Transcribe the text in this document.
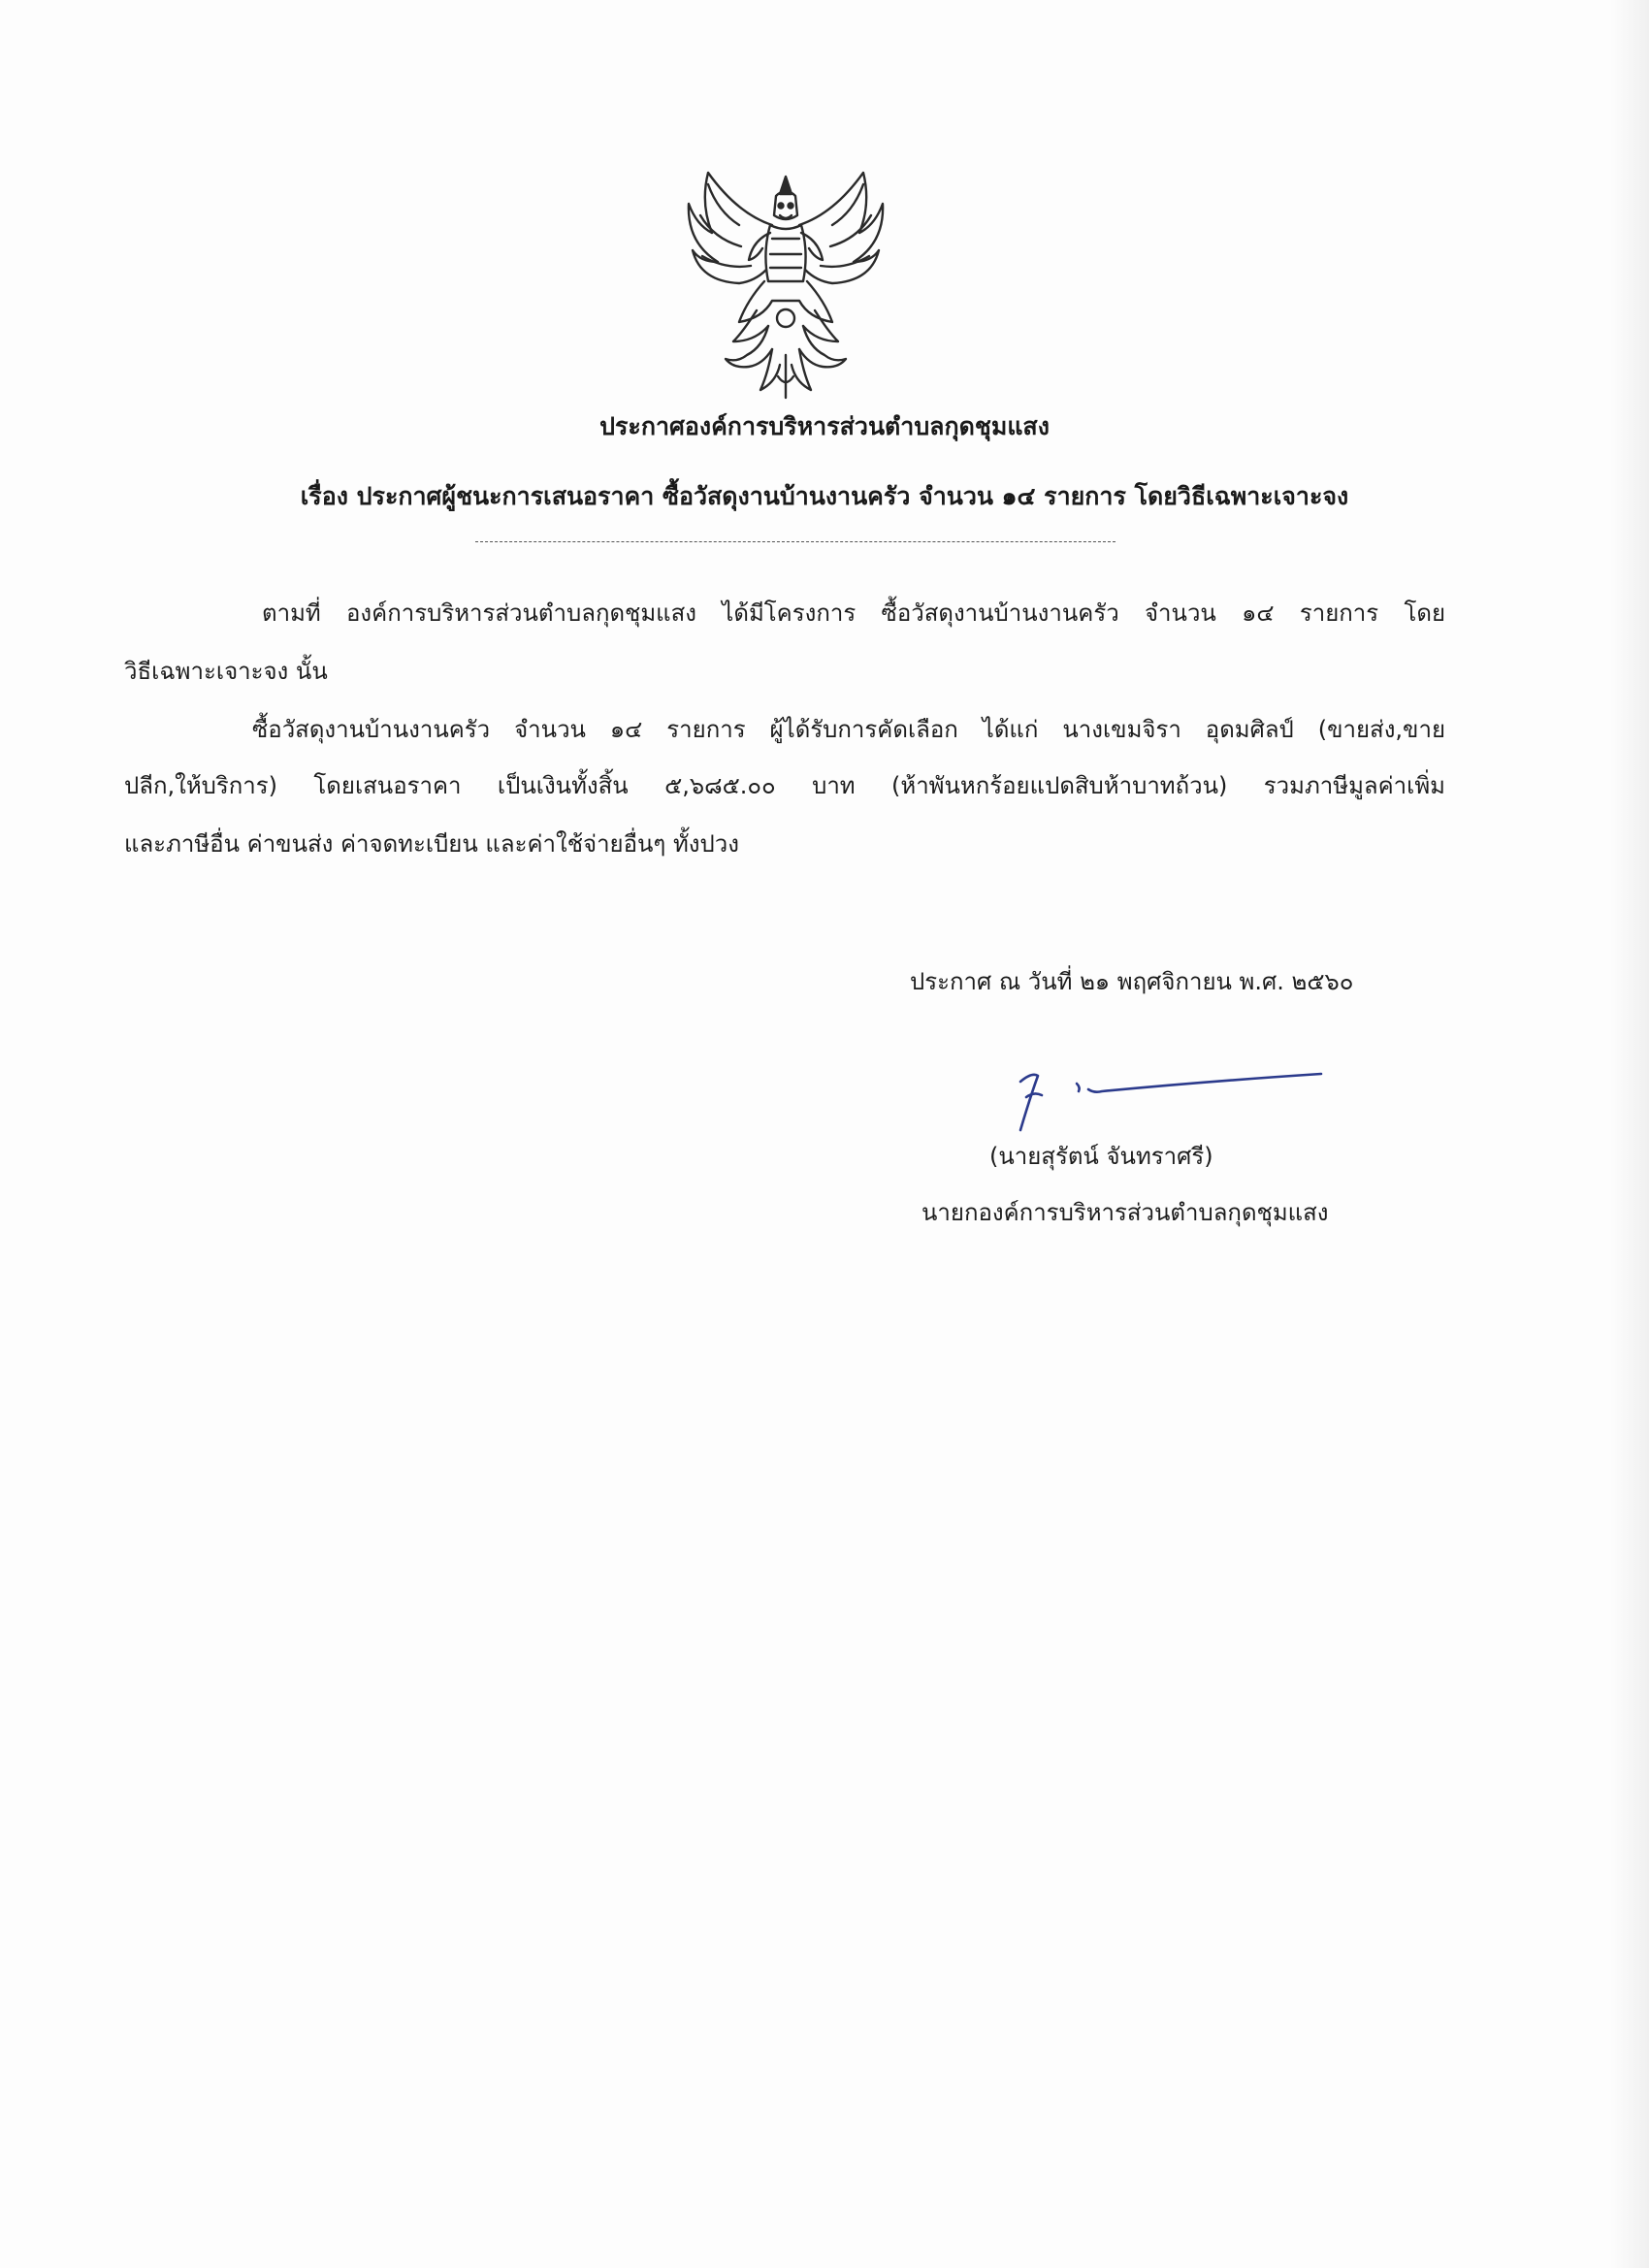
ประกาศองค์การบริหารส่วนตำบลกุดชุมแสง
เรื่อง ประกาศผู้ชนะการเสนอราคา ซื้อวัสดุงานบ้านงานครัว จำนวน ๑๔ รายการ โดยวิธีเฉพาะเจาะจง
ตามที่ องค์การบริหารส่วนตำบลกุดชุมแสง ได้มีโครงการ ซื้อวัสดุงานบ้านงานครัว จำนวน ๑๔ รายการ โดย
วิธีเฉพาะเจาะจง นั้น
ซื้อวัสดุงานบ้านงานครัว จำนวน ๑๔ รายการ ผู้ได้รับการคัดเลือก ได้แก่ นางเขมจิรา อุดมศิลป์ (ขายส่ง,ขาย
ปลีก,ให้บริการ) โดยเสนอราคา เป็นเงินทั้งสิ้น ๕,๖๘๕.๐๐ บาท (ห้าพันหกร้อยแปดสิบห้าบาทถ้วน) รวมภาษีมูลค่าเพิ่ม
และภาษีอื่น ค่าขนส่ง ค่าจดทะเบียน และค่าใช้จ่ายอื่นๆ ทั้งปวง
ประกาศ ณ วันที่ ๒๑ พฤศจิกายน พ.ศ. ๒๕๖๐
(นายสุรัตน์ จันทราศรี)
นายกองค์การบริหารส่วนตำบลกุดชุมแสง
